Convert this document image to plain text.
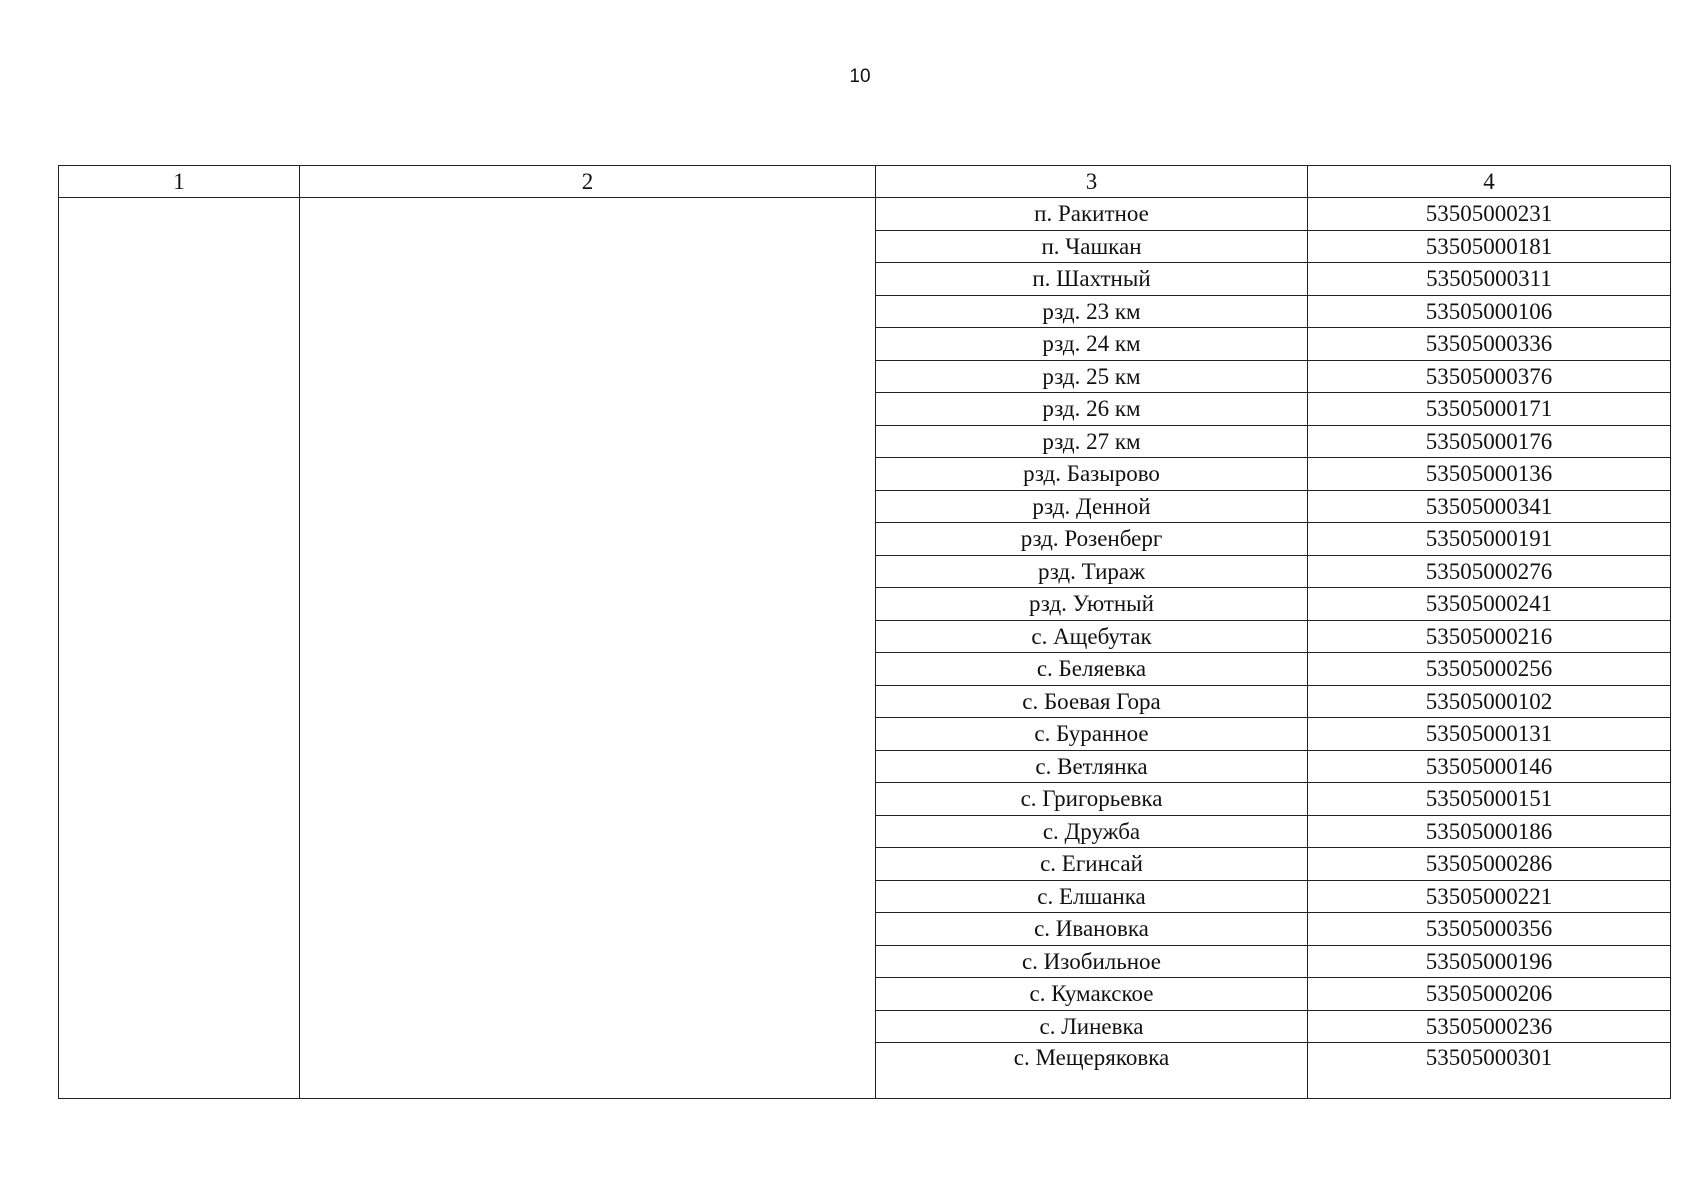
10
1	2	3	4
		п. Ракитное	53505000231
		п. Чашкан	53505000181
		п. Шахтный	53505000311
		рзд. 23 км	53505000106
		рзд. 24 км	53505000336
		рзд. 25 км	53505000376
		рзд. 26 км	53505000171
		рзд. 27 км	53505000176
		рзд. Базырово	53505000136
		рзд. Денной	53505000341
		рзд. Розенберг	53505000191
		рзд. Тираж	53505000276
		рзд. Уютный	53505000241
		с. Ащебутак	53505000216
		с. Беляевка	53505000256
		с. Боевая Гора	53505000102
		с. Буранное	53505000131
		с. Ветлянка	53505000146
		с. Григорьевка	53505000151
		с. Дружба	53505000186
		с. Егинсай	53505000286
		с. Елшанка	53505000221
		с. Ивановка	53505000356
		с. Изобильное	53505000196
		с. Кумакское	53505000206
		с. Линевка	53505000236
		с. Мещеряковка	53505000301
